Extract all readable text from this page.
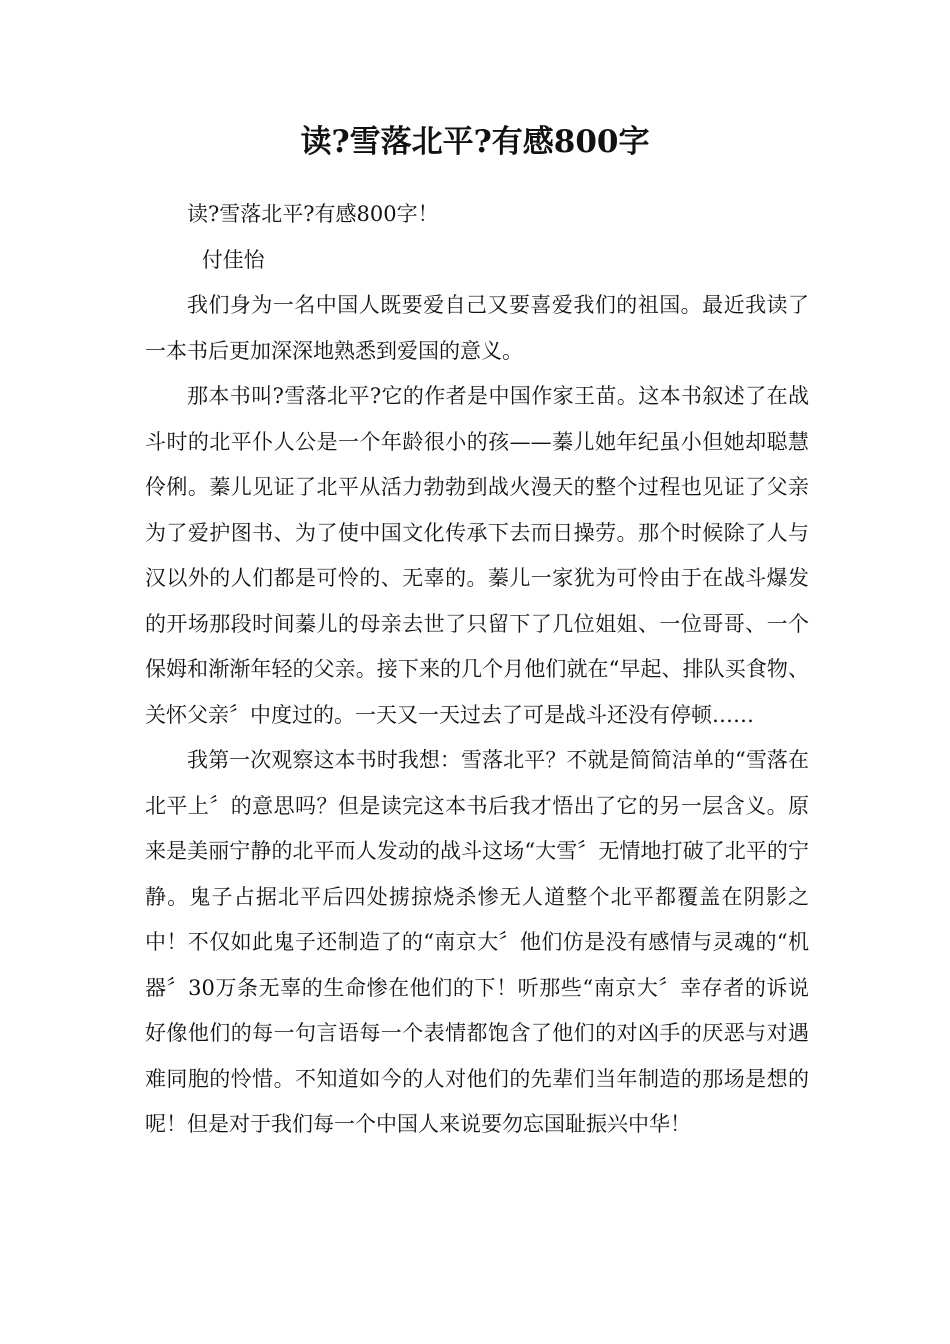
读?雪落北平?有感800字

读?雪落北平?有感800字！

付佳怡

我们身为一名中国人既要爱自己又要喜爱我们的祖国。最近我读了一本书后更加深深地熟悉到爱国的意义。

那本书叫?雪落北平?它的作者是中国作家王苗。这本书叙述了在战斗时的北平仆人公是一个年龄很小的孩——蓁儿她年纪虽小但她却聪慧伶俐。蓁儿见证了北平从活力勃勃到战火漫天的整个过程也见证了父亲为了爱护图书、为了使中国文化传承下去而日操劳。那个时候除了人与汉以外的人们都是可怜的、无辜的。蓁儿一家犹为可怜由于在战斗爆发的开场那段时间蓁儿的母亲去世了只留下了几位姐姐、一位哥哥、一个保姆和渐渐年轻的父亲。接下来的几个月他们就在“早起、排队买食物、关怀父亲〞中度过的。一天又一天过去了可是战斗还没有停顿……

我第一次观察这本书时我想：雪落北平？不就是简简洁单的“雪落在北平上〞的意思吗？但是读完这本书后我才悟出了它的另一层含义。原来是美丽宁静的北平而人发动的战斗这场“大雪〞无情地打破了北平的宁静。鬼子占据北平后四处掳掠烧杀惨无人道整个北平都覆盖在阴影之中！不仅如此鬼子还制造了的“南京大〞他们仿是没有感情与灵魂的“机器〞30万条无辜的生命惨在他们的下！听那些“南京大〞幸存者的诉说好像他们的每一句言语每一个表情都饱含了他们的对凶手的厌恶与对遇难同胞的怜惜。不知道如今的人对他们的先辈们当年制造的那场是想的呢！但是对于我们每一个中国人来说要勿忘国耻振兴中华！
